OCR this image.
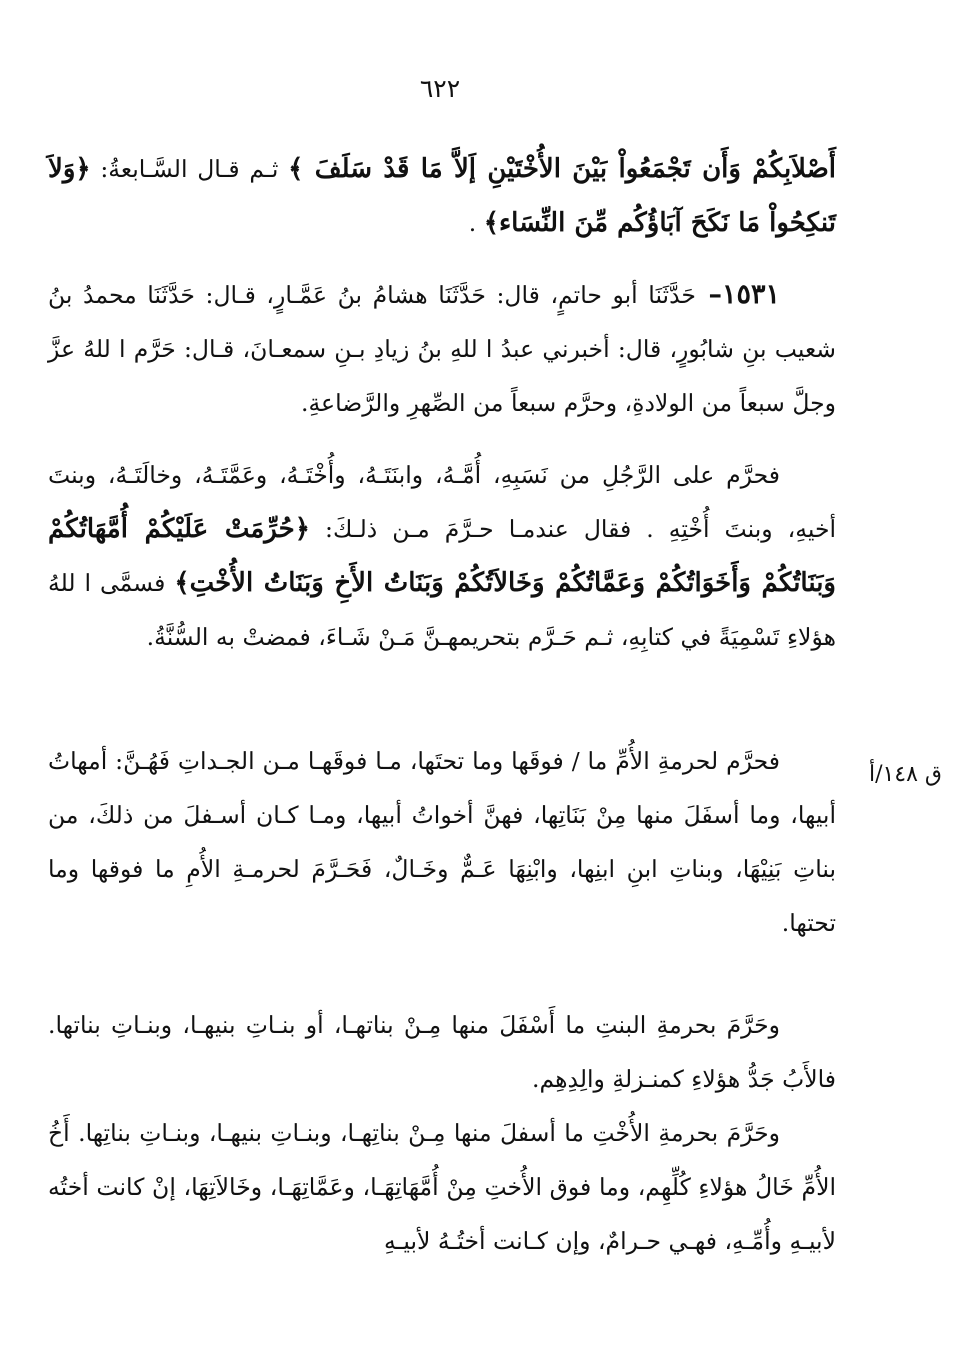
٦٢٢
ق ١٤٨/أ

أَصْلاَبِكُمْ وَأَن تَجْمَعُواْ بَيْنَ الأُخْتَيْنِ إَلاَّ مَا قَدْ سَلَفَ ﴾ ثـم قـال السَّـابعةُ: ﴿وَلاَ تَنكِحُواْ مَا نَكَحَ آبَاؤُكُم مِّنَ النِّسَاء﴾ .

١٥٣١– حَدَّثَنَا أبو حاتمٍ، قال: حَدَّثَنَا هشامُ بنُ عَمَّـارٍ، قـال: حَدَّثَنَا محمدُ بنُ شعيب بنِ شابُورٍ، قال: أخبرني عبدُ ا للهِ بنُ زيادِ بـنِ سمعـانَ، قـال: حَرَّم ا للهُ عزَّ وجلَّ سبعاً من الولادةِ، وحرَّم سبعاً من الصِّهرِ والرَّضاعةِ.

فحرَّم على الرَّجُلِ من نَسَبِهِ، أُمَّـهُ، وابنَتَـهُ، وأُخْتَـهُ، وعَمَّتَـهُ، وخالَتَـهُ، وبنتَ أخيهِ، وبنتَ أُخْتِهِ . فقال عندمـا حـرَّمَ مـن ذلـكَ: ﴿حُرِّمَتْ عَلَيْكُمْ أُمَّهَاتُكُمْ وَبَنَاتُكُمْ وَأَخَوَاتُكُمْ وَعَمَّاتُكُمْ وَخَالاَتُكُمْ وَبَنَاتُ الأَخِ وَبَنَاتُ الأُخْتِ﴾ فسمَّى ا للهُ هؤلاءِ تَسْمِيَةً في كتابِهِ، ثـم حَـرَّم بتحريمهـنَّ مَـنْ شَـاءَ، فمضتْ به السُّنَّةُ.

فحرَّم لحرمةِ الأُمِّ ما / فوقَها وما تحتَها، مـا فوقَهـا مـن الجـداتِ فَهُـنَّ: أمهاتُ أبيها، وما أسفَلَ منها مِنْ بَنَاتِها، فهنَّ أخواتُ أبيها، ومـا كـان أسـفلَ من ذلكَ، من بناتِ بَنِيْهَا، وبناتِ ابنِ ابنِها، وابْنِهَا عَـمٌّ وخَـالٌ، فَحَـرَّمَ لحرمـةِ الأُمِ ما فوقها وما تحتها.

وحَرَّمَ بحرمةِ البنتِ ما أَسْفَلَ منها مِـنْ بناتهـا، أو بنـاتِ بنيهـا، وبنـاتِ بناتها. فالأَبُ جَدُّ هؤلاءِ كمنـزلةِ والِدِهِم.

وحَرَّمَ بحرمةِ الأُخْتِ ما أسفلَ منها مِـنْ بناتِهـا، وبنـاتِ بنيهـا، وبنـاتِ بناتِها. أَخُ الأُمِّ خَالُ هؤلاءِ كُلِّهِم، وما فوق الأُختِ مِنْ أُمَّهَاتِهَـا، وعَمَّاتِهَـا، وخَالاَتِهَا، إنْ كانت أختُه لأبيـهِ وأُمِّـهِ، فهـي حـرامٌ، وإن كـانت أختُـهُ لأبيـهِ
